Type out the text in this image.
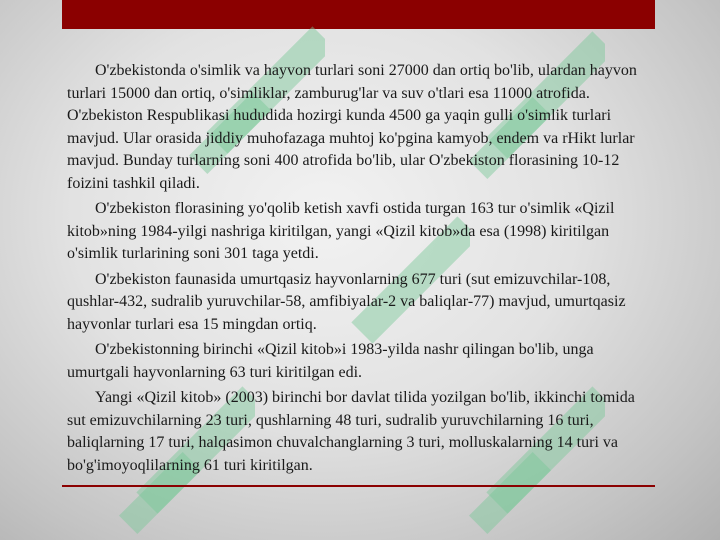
O'zbekistonda o'simlik va hayvon turlari soni 27000 dan ortiq bo'lib, ulardan hayvon turlari 15000 dan ortiq, o'simliklar, zamburug'lar va suv o'tlari esa 11000 atrofida. O'zbekiston Respublikasi hududida hozirgi kunda 4500 ga yaqin gulli o'simlik turlari mavjud. Ular orasida jiddiy muhofazaga muhtoj ko'pgina kamyob, endem va rHikt lurlar mavjud. Bunday turlarning soni 400 atrofida bo'lib, ular O'zbekiston florasining 10-12 foizini tashkil qiladi.

O'zbekiston florasining yo'qolib ketish xavfi ostida turgan 163 tur o'simlik «Qizil kitob»ning 1984-yilgi nashriga kiritilgan, yangi «Qizil kitob»da esa (1998) kiritilgan o'simlik turlarining soni 301 taga yetdi.

O'zbekiston faunasida umurtqasiz hayvonlarning 677 turi (sut emizuvchilar-108, qushlar-432, sudralib yuruvchilar-58, amfibiyalar-2 va baliqlar-77) mavjud, umurtqasiz hayvonlar turlari esa 15 mingdan ortiq.

O'zbekistonning birinchi «Qizil kitob»i 1983-yilda nashr qilingan bo'lib, unga umurtgali hayvonlarning 63 turi kiritilgan edi.

Yangi «Qizil kitob» (2003) birinchi bor davlat tilida yozilgan bo'lib, ikkinchi tomida sut emizuvchilarning 23 turi, qushlarning 48 turi, sudralib yuruvchilarning 16 turi, baliqlarning 17 turi, halqasimon chuvalchanglarning 3 turi, molluskalarning 14 turi va bo'g'imoyoqlilarning 61 turi kiritilgan.
